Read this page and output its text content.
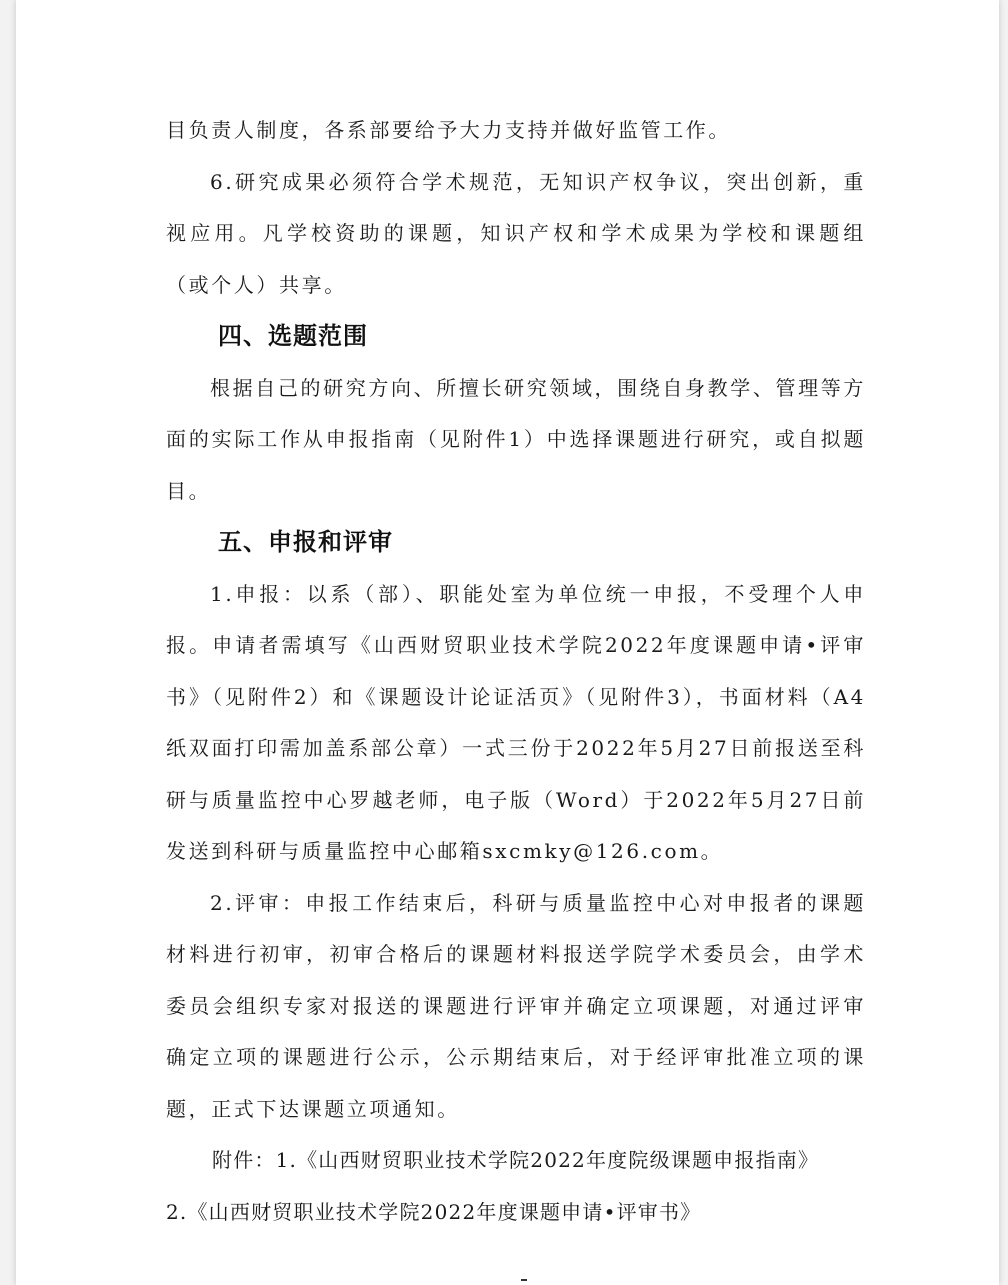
目负责人制度，各系部要给予大力支持并做好监管工作。

6.研究成果必须符合学术规范，无知识产权争议，突出创新，重视应用。凡学校资助的课题，知识产权和学术成果为学校和课题组（或个人）共享。

四、选题范围

根据自己的研究方向、所擅长研究领域，围绕自身教学、管理等方面的实际工作从申报指南（见附件1）中选择课题进行研究，或自拟题目。

五、申报和评审

1.申报：以系（部）、职能处室为单位统一申报，不受理个人申报。申请者需填写《山西财贸职业技术学院2022年度课题申请•评审书》（见附件2）和《课题设计论证活页》（见附件3），书面材料（A4纸双面打印需加盖系部公章）一式三份于2022年5月27日前报送至科研与质量监控中心罗越老师，电子版（Word）于2022年5月27日前发送到科研与质量监控中心邮箱sxcmky@126.com。

2.评审：申报工作结束后，科研与质量监控中心对申报者的课题材料进行初审，初审合格后的课题材料报送学院学术委员会，由学术委员会组织专家对报送的课题进行评审并确定立项课题，对通过评审确定立项的课题进行公示，公示期结束后，对于经评审批准立项的课题，正式下达课题立项通知。

附件：1.《山西财贸职业技术学院2022年度院级课题申报指南》

2.《山西财贸职业技术学院2022年度课题申请•评审书》
